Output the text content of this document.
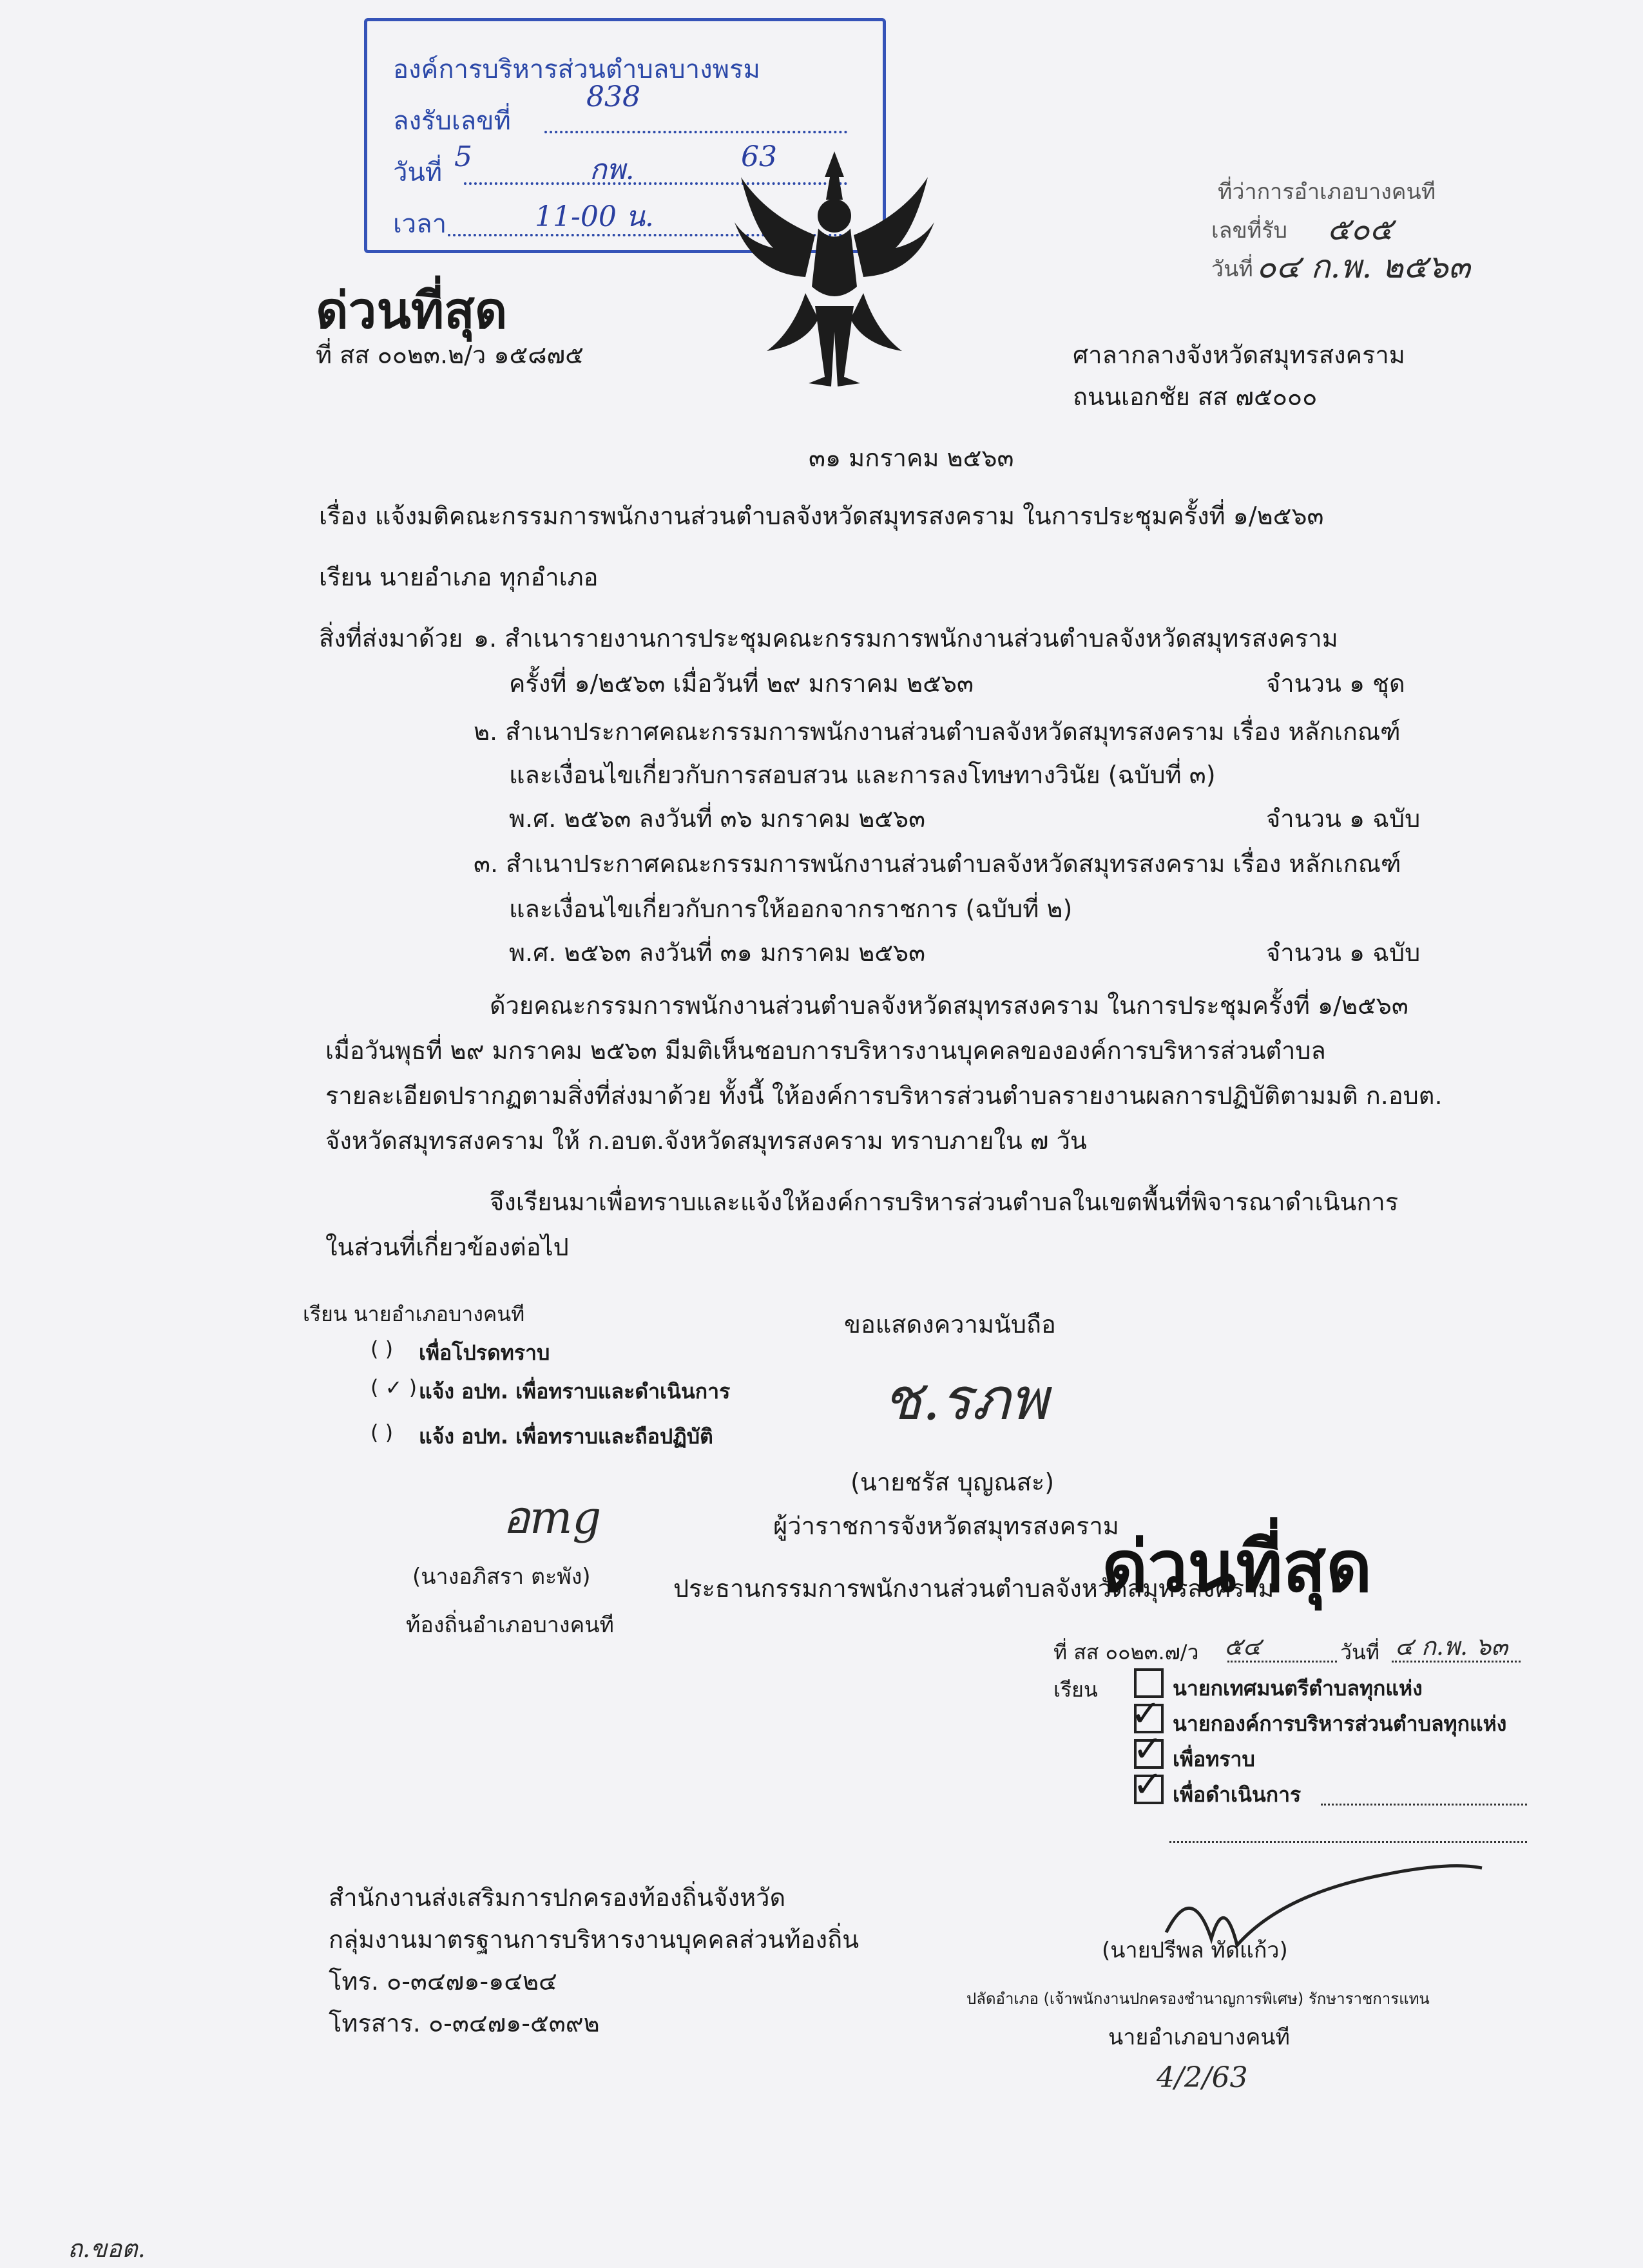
องค์การบริหารส่วนตำบลบางพรม
ลงรับเลขที่
838
วันที่ 5	กพ.	63
เวลา	11-00 น.
ที่ว่าการอำเภอบางคนที
เลขที่รับ ๕๐๕
วันที่ ๐๔ ก.พ. ๒๕๖๓
ด่วนที่สุด
ที่ สส ๐๐๒๓.๒/ว ๑๕๘๗๕	ศาลากลางจังหวัดสมุทรสงคราม
ถนนเอกชัย สส ๗๕๐๐๐
๓๑ มกราคม ๒๕๖๓
เรื่อง แจ้งมติคณะกรรมการพนักงานส่วนตำบลจังหวัดสมุทรสงคราม ในการประชุมครั้งที่ ๑/๒๕๖๓
เรียน นายอำเภอ ทุกอำเภอ
สิ่งที่ส่งมาด้วย ๑. สำเนารายงานการประชุมคณะกรรมการพนักงานส่วนตำบลจังหวัดสมุทรสงคราม
ครั้งที่ ๑/๒๕๖๓ เมื่อวันที่ ๒๙ มกราคม ๒๕๖๓	จำนวน ๑ ชุด
๒. สำเนาประกาศคณะกรรมการพนักงานส่วนตำบลจังหวัดสมุทรสงคราม เรื่อง หลักเกณฑ์
และเงื่อนไขเกี่ยวกับการสอบสวน และการลงโทษทางวินัย (ฉบับที่ ๓)
พ.ศ. ๒๕๖๓ ลงวันที่ ๓๖ มกราคม ๒๕๖๓	จำนวน ๑ ฉบับ
๓. สำเนาประกาศคณะกรรมการพนักงานส่วนตำบลจังหวัดสมุทรสงคราม เรื่อง หลักเกณฑ์
และเงื่อนไขเกี่ยวกับการให้ออกจากราชการ (ฉบับที่ ๒)
พ.ศ. ๒๕๖๓ ลงวันที่ ๓๑ มกราคม ๒๕๖๓	จำนวน ๑ ฉบับ
ด้วยคณะกรรมการพนักงานส่วนตำบลจังหวัดสมุทรสงคราม ในการประชุมครั้งที่ ๑/๒๕๖๓
เมื่อวันพุธที่ ๒๙ มกราคม ๒๕๖๓ มีมติเห็นชอบการบริหารงานบุคคลขององค์การบริหารส่วนตำบล
รายละเอียดปรากฏตามสิ่งที่ส่งมาด้วย ทั้งนี้ ให้องค์การบริหารส่วนตำบลรายงานผลการปฏิบัติตามมติ ก.อบต.
จังหวัดสมุทรสงคราม ให้ ก.อบต.จังหวัดสมุทรสงคราม ทราบภายใน ๗ วัน
จึงเรียนมาเพื่อทราบและแจ้งให้องค์การบริหารส่วนตำบลในเขตพื้นที่พิจารณาดำเนินการ
ในส่วนที่เกี่ยวข้องต่อไป
เรียน นายอำเภอบางคนที
( ) เพื่อโปรดทราบ
( ✓ ) แจ้ง อปท. เพื่อทราบและดำเนินการ
( ) แจ้ง อปท. เพื่อทราบและถือปฏิบัติ
อmg
(นางอภิสรา ตะพัง)
ท้องถิ่นอำเภอบางคนที
ขอแสดงความนับถือ
ช.รภพ
(นายชรัส บุญณสะ)
ผู้ว่าราชการจังหวัดสมุทรสงคราม
ประธานกรรมการพนักงานส่วนตำบลจังหวัดสมุทรสงคราม
ด่วนที่สุด
ที่ สส ๐๐๒๓.๗/ว ๕๔	วันที่ ๔ ก.พ. ๖๓
เรียน	นายกเทศมนตรีตำบลทุกแห่ง
✓ นายกองค์การบริหารส่วนตำบลทุกแห่ง
✓ เพื่อทราบ
✓ เพื่อดำเนินการ
(นายปรีพล ทัดแก้ว)
ปลัดอำเภอ (เจ้าพนักงานปกครองชำนาญการพิเศษ) รักษาราชการแทน
นายอำเภอบางคนที
4/2/63
สำนักงานส่งเสริมการปกครองท้องถิ่นจังหวัด
กลุ่มงานมาตรฐานการบริหารงานบุคคลส่วนท้องถิ่น
โทร. ๐-๓๔๗๑-๑๔๒๔
โทรสาร. ๐-๓๔๗๑-๕๓๙๒
ถ.ขอต.
